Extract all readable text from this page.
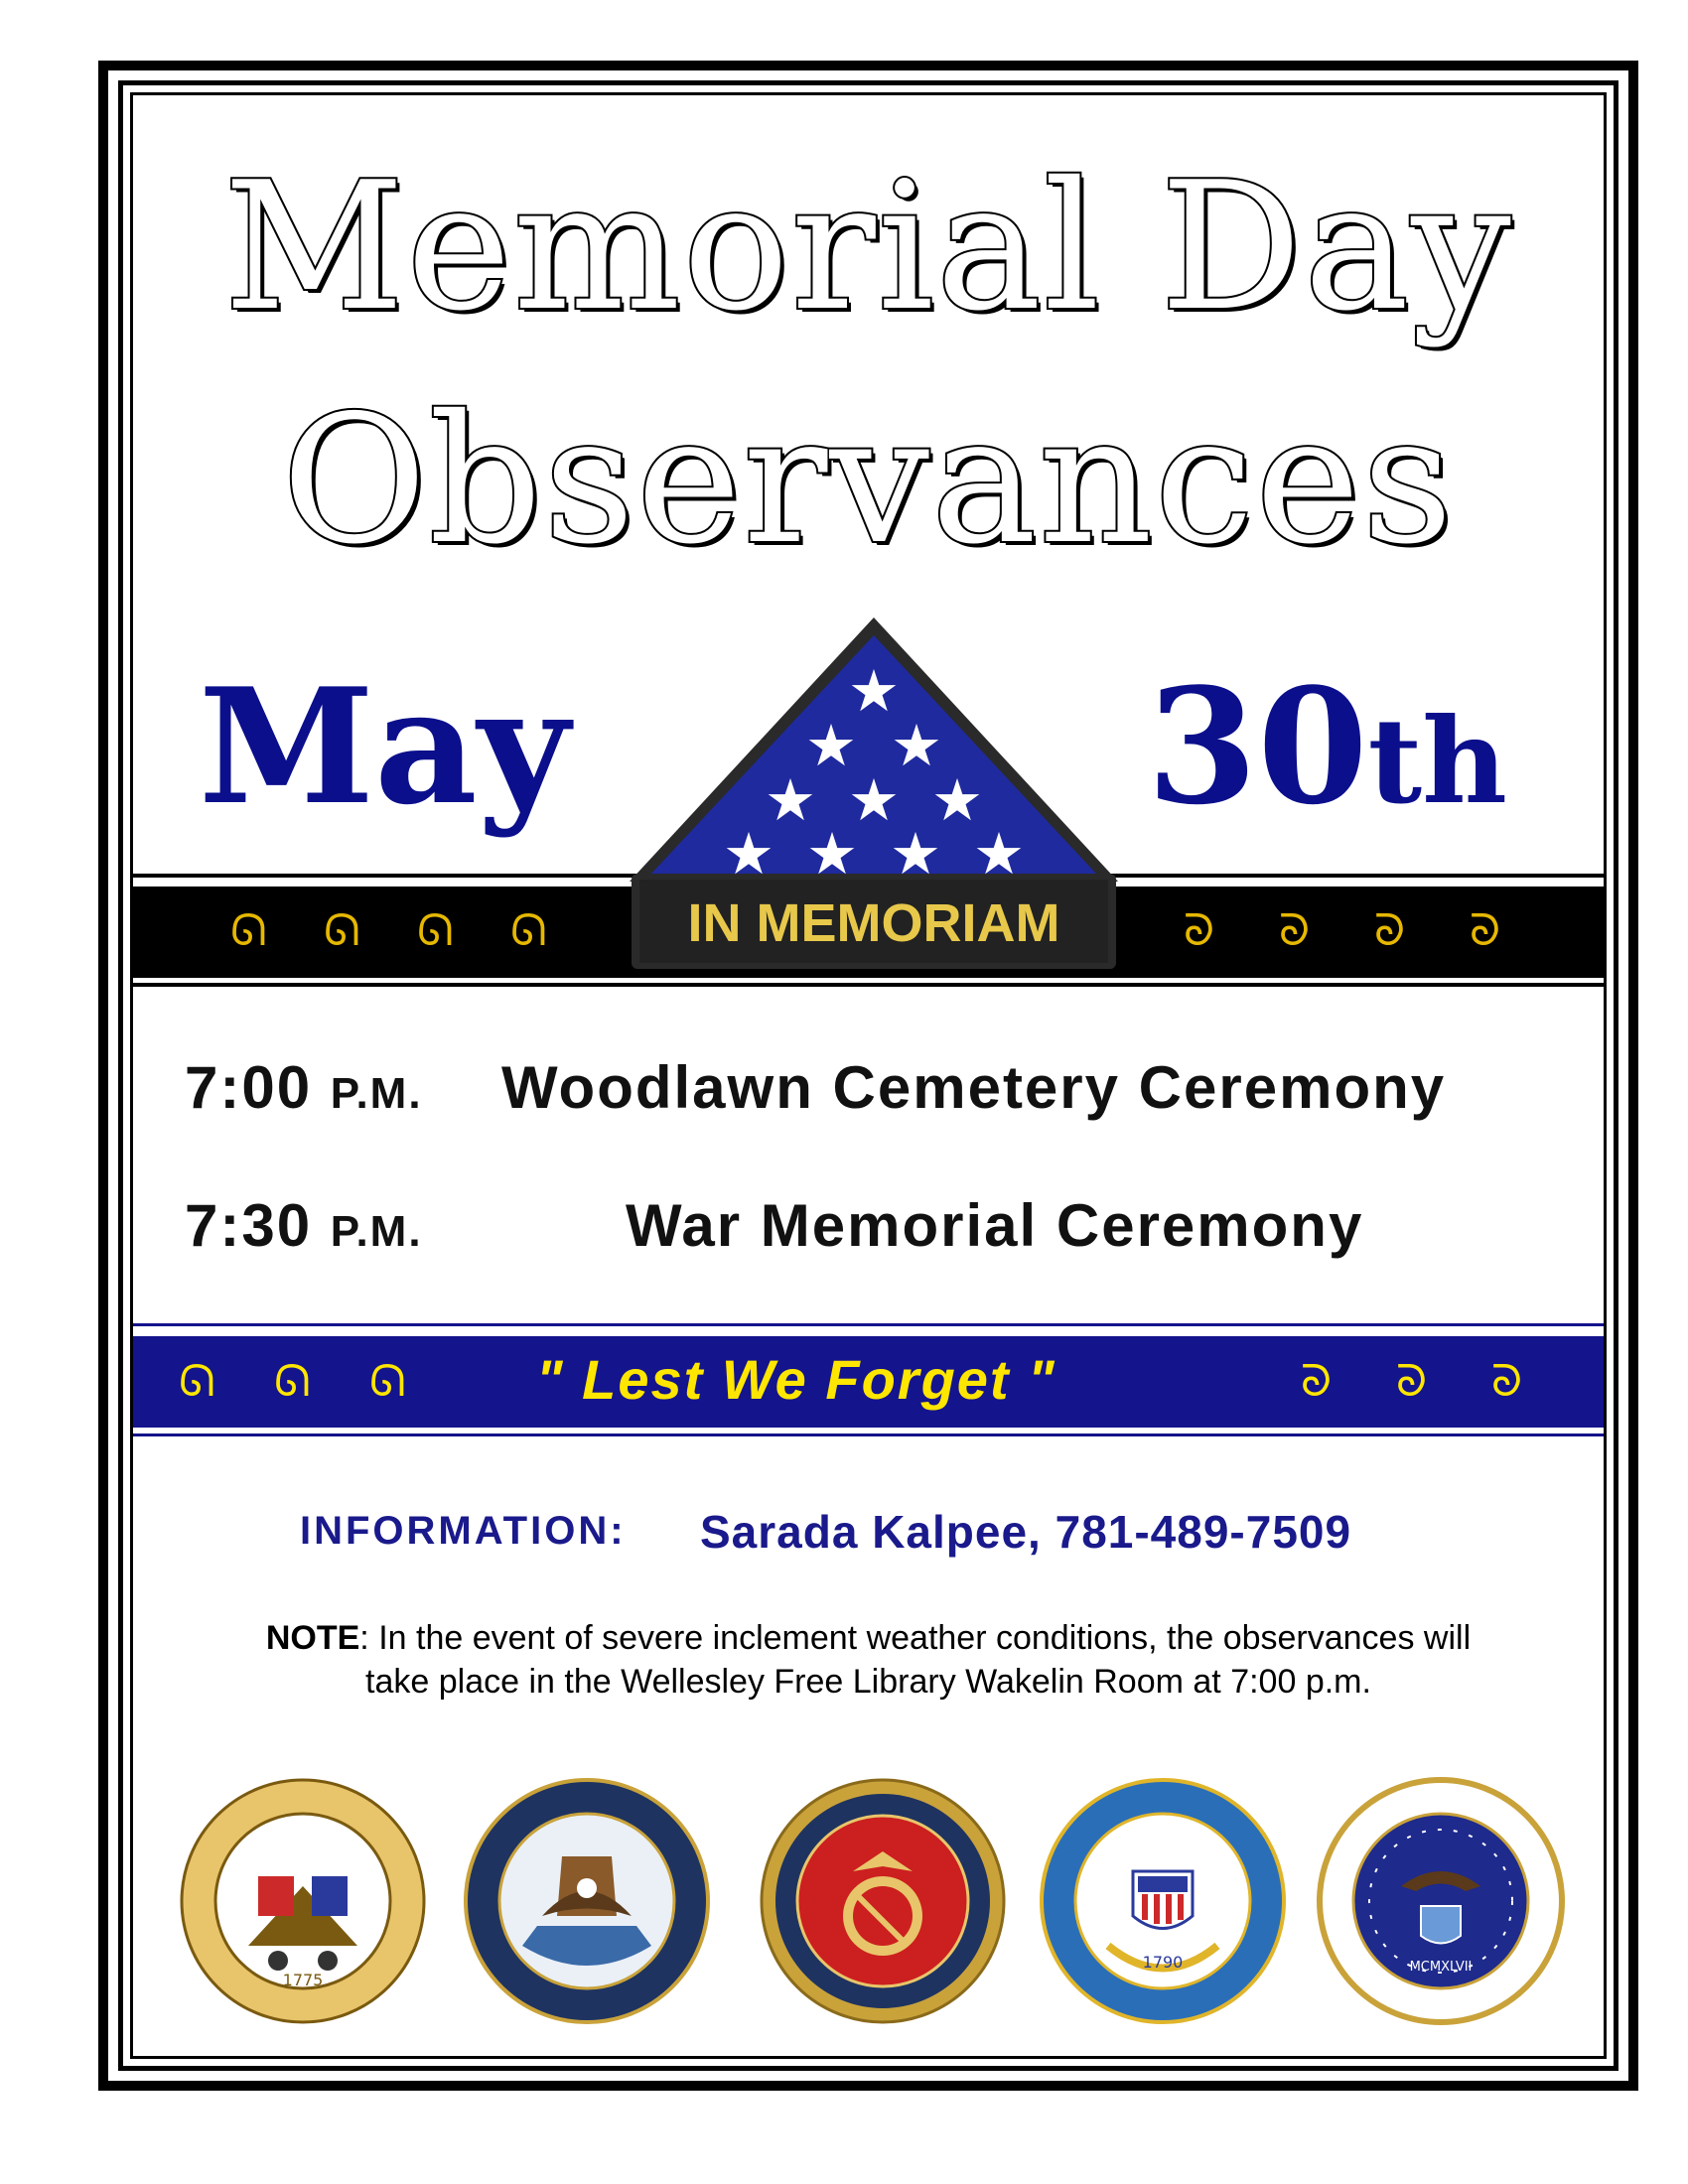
Memorial Day
Observances
May	30th
ᘏ ᘏ ᘏ ᘏ	ᘐ ᘐ ᘐ ᘐ
★
★ ★
★ ★ ★
★ ★ ★ ★
IN MEMORIAM
7:00 P.M. Woodlawn Cemetery Ceremony
7:30 P.M.	War Memorial Ceremony
ᘏ ᘏ ᘏ " Lest We Forget "	ᘐ ᘐ ᘐ
INFORMATION: Sarada Kalpee, 781-489-7509
NOTE: In the event of severe inclement weather conditions, the observances will
take place in the Wellesley Free Library Wakelin Room at 7:00 p.m.
1775
1790	MCMXLVII
